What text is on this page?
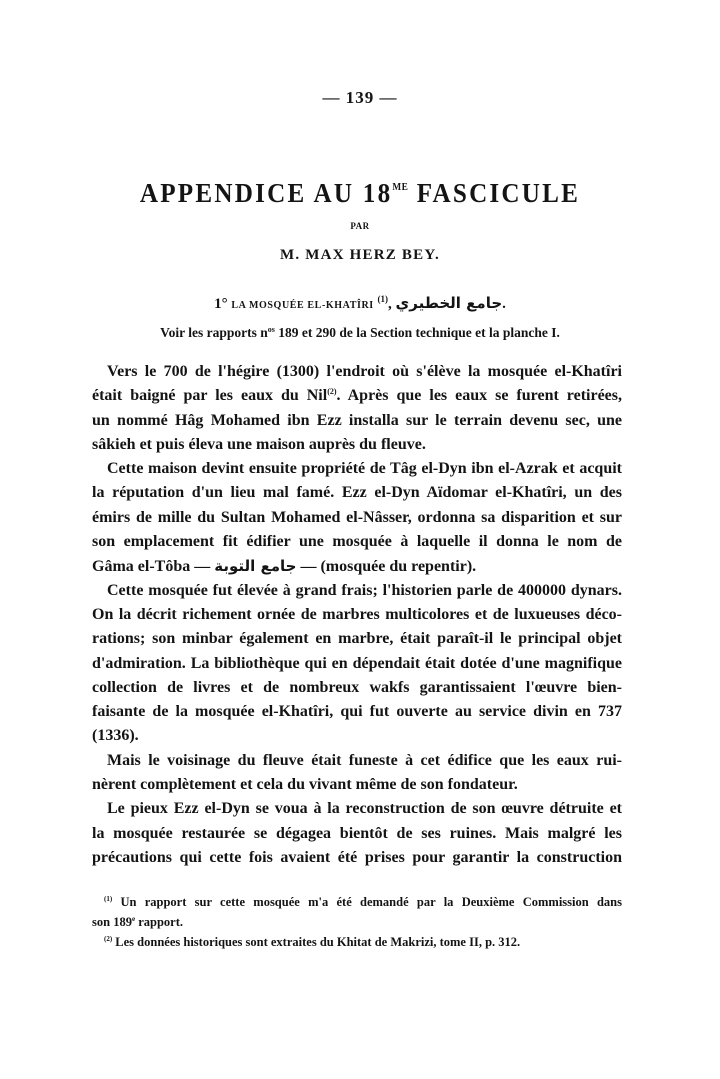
— 139 —
APPENDICE AU $18^{ME}$ FASCICULE
PAR
M. MAX HERZ BEY.
1° LA MOSQUÉE EL-KHATÎRI $^{(1)}$, جامع الخطيري.
Voir les rapports $n^{os}$ 189 et 290 de la Section technique et la planche I.
Vers le 700 de l'hégire (1300) l'endroit où s'élève la mosquée el-Khatîri
était baigné par les eaux du Nil$^{(2)}$. Après que les eaux se furent retirées,
un nommé Hâg Mohamed ibn Ezz installa sur le terrain devenu sec, une
sâkieh et puis éleva une maison auprès du fleuve.
Cette maison devint ensuite propriété de Tâg el-Dyn ibn el-Azrak et acquit
la réputation d'un lieu mal famé. Ezz el-Dyn Aïdomar el-Khatîri, un des
émirs de mille du Sultan Mohamed el-Nâsser, ordonna sa disparition et sur
son emplacement fit édifier une mosquée à laquelle il donna le nom de
Gâma el-Tôba — جامع التوبة — (mosquée du repentir).
Cette mosquée fut élevée à grand frais; l'historien parle de 400000 dynars.
On la décrit richement ornée de marbres multicolores et de luxueuses déco-
rations; son minbar également en marbre, était paraît-il le principal objet
d'admiration. La bibliothèque qui en dépendait était dotée d'une magnifique
collection de livres et de nombreux wakfs garantissaient l'œuvre bien-
faisante de la mosquée el-Khatîri, qui fut ouverte au service divin en 737
(1336).
Mais le voisinage du fleuve était funeste à cet édifice que les eaux rui-
nèrent complètement et cela du vivant même de son fondateur.
Le pieux Ezz el-Dyn se voua à la reconstruction de son œuvre détruite et
la mosquée restaurée se dégagea bientôt de ses ruines. Mais malgré les
précautions qui cette fois avaient été prises pour garantir la construction
$^{(1)}$ Un rapport sur cette mosquée m'a été demandé par la Deuxième Commission dans
son 189e rapport.
$^{(2)}$ Les données historiques sont extraites du Khitat de Makrizi, tome II, p. 312.
